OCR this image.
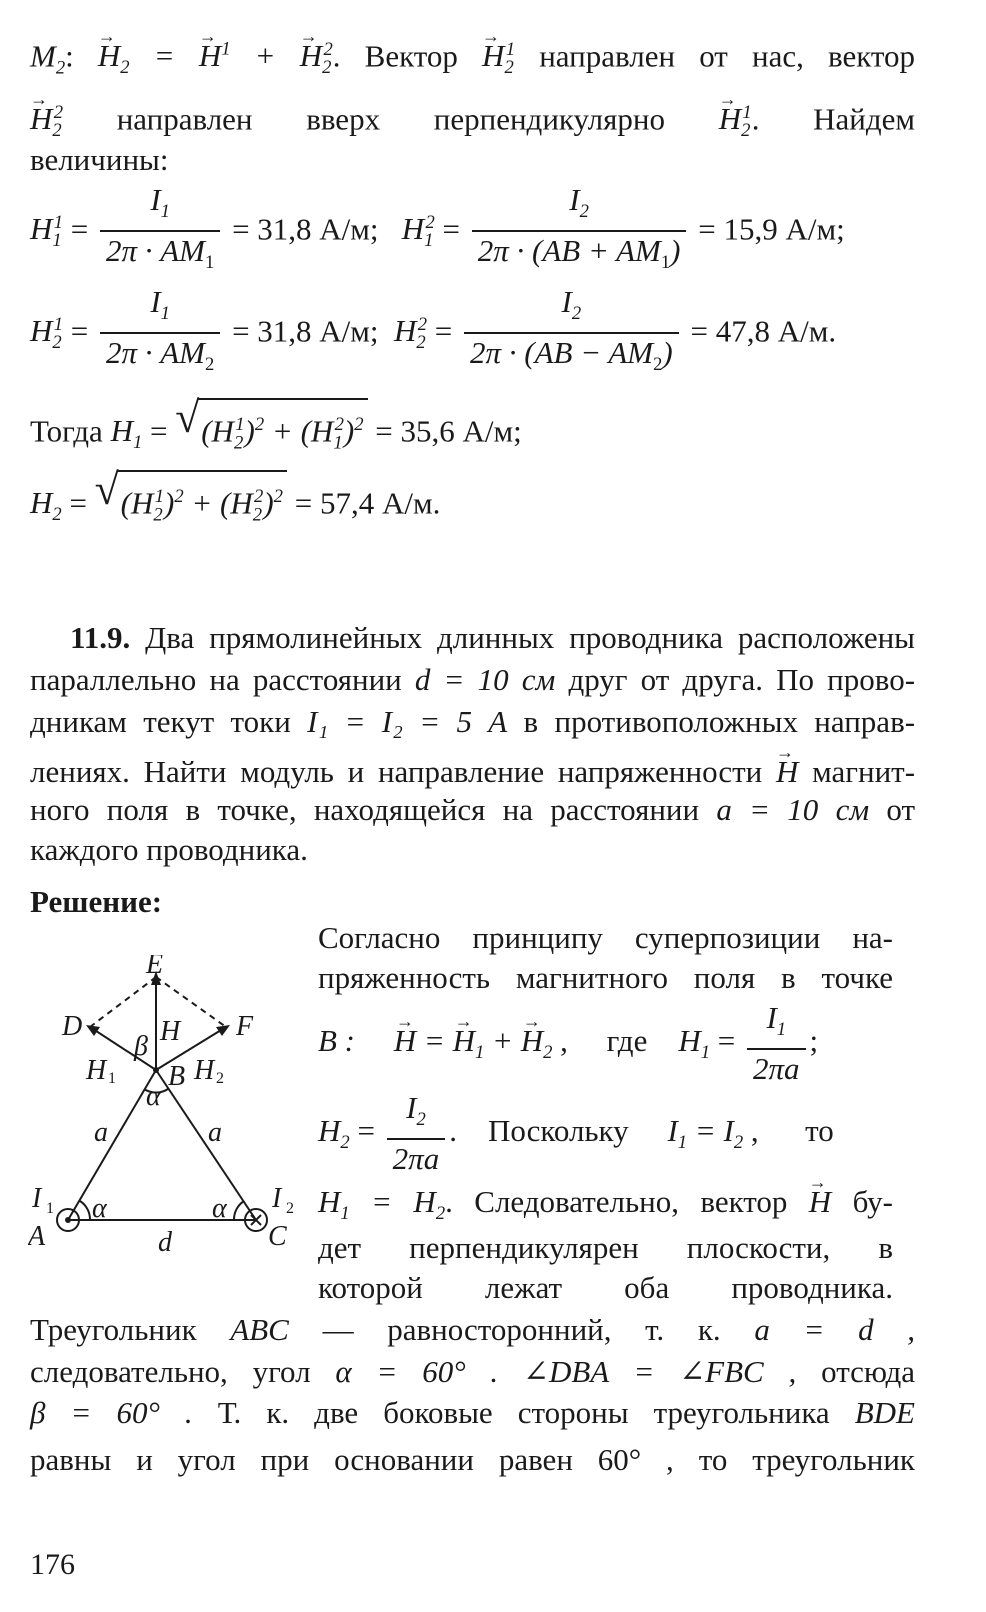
$M_2$: → $H_2$ = → $H^1$ + → $H_2^2$. Вектор → $H_2^1$ направлен от нас, вектор
→ $H_2^2$ направлен вверх перпендикулярно → $H_2^1$. Найдем
величины:
$H_1^1 = \frac{I_1}{2\pi \cdot AM_1} = 31,8$ А/м; $H_1^2 = \frac{I_2}{2\pi \cdot (AB + AM_1)} = 15,9$ А/м;
$H_2^1 = \frac{I_1}{2\pi \cdot AM_2} = 31,8$ А/м; $H_2^2 = \frac{I_2}{2\pi \cdot (AB - AM_2)} = 47,8$ А/м.
Тогда $H_1$ = √ $(H_2^1)^2 + (H_1^2)^2 = 35,6$ А/м;
$H_2$ = √ $(H_2^1)^2 + (H_2^2)^2 = 57,4$ А/м.
11.9. Два прямолинейных длинных проводника расположены
параллельно на расстоянии d = 10 см друг от друга. По прово-
дникам текут токи I₁ = I₂ = 5 А в противоположных направ-
лениях. Найти модуль и направление напряженности → H магнит-
ного поля в точке, находящейся на расстоянии a = 10 см от
каждого проводника.
Решение:
E
D	F
B
A	C
a	a
d
α
α	α
β
I	I
H
H	H
1	2
1	2
Согласно принципу суперпозиции на-
пряженность магнитного поля в точке
B : → H = → $H_1$ + → $H_2$ ,     где $H_1 = \frac{I_1}{2\pi a}$ ;
$H_2 = \frac{I_2}{2\pi a}$ .    Поскольку $I_1 = I_2$ ,      то
$H_1 = H_2$. Следовательно, вектор → H бу-
дет перпендикулярен плоскости, в
которой лежат оба проводника.
Треугольник ABC — равносторонний, т. к. a = d ,
следовательно, угол α = 60° . ∠DBA = ∠FBC , отсюда
β = 60° . Т. к. две боковые стороны треугольника BDE
равны и угол при основании равен 60° , то треугольник
176
